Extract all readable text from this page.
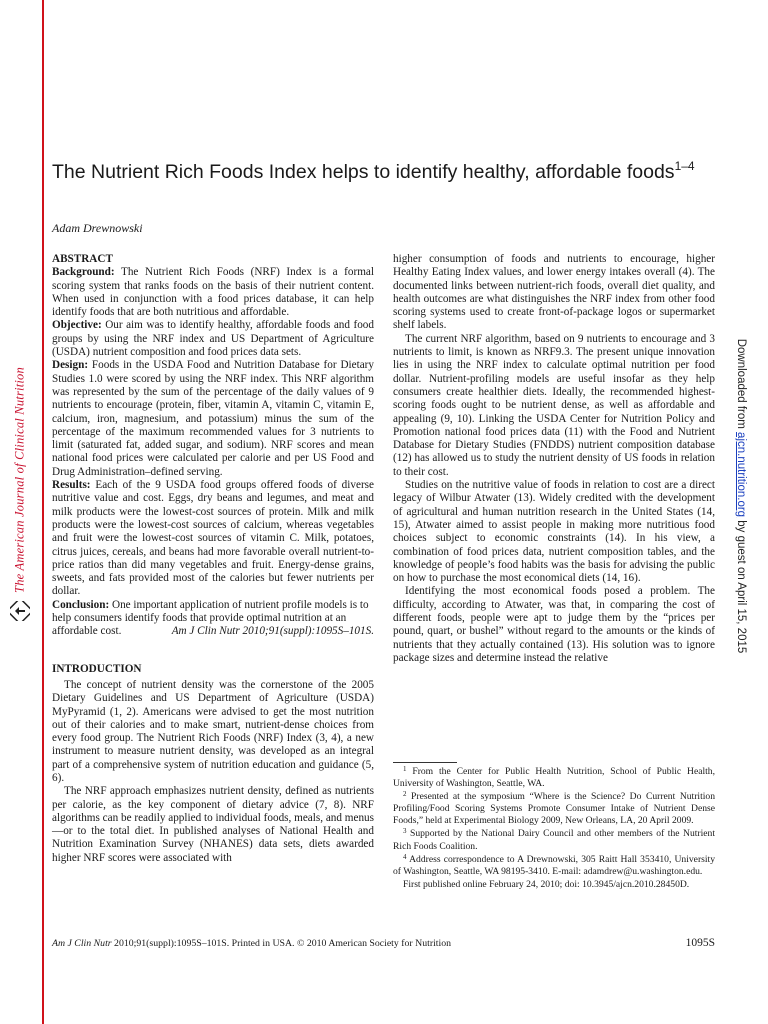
The American Journal of Clinical Nutrition	Downloaded from ajcn.nutrition.org by guest on April 15, 2015
The Nutrient Rich Foods Index helps to identify healthy, affordable foods$^{1-4}$
Adam Drewnowski

ABSTRACT

Background: The Nutrient Rich Foods (NRF) Index is a formal scoring system that ranks foods on the basis of their nutrient content. When used in conjunction with a food prices database, it can help identify foods that are both nutritious and affordable.

Objective: Our aim was to identify healthy, affordable foods and food groups by using the NRF index and US Department of Agriculture (USDA) nutrient composition and food prices data sets.

Design: Foods in the USDA Food and Nutrition Database for Dietary Studies 1.0 were scored by using the NRF index. This NRF algorithm was represented by the sum of the percentage of the daily values of 9 nutrients to encourage (protein, fiber, vitamin A, vitamin C, vitamin E, calcium, iron, magnesium, and potassium) minus the sum of the percentage of the maximum recommended values for 3 nutrients to limit (saturated fat, added sugar, and sodium). NRF scores and mean national food prices were calculated per calorie and per US Food and Drug Administration–defined serving.

Results: Each of the 9 USDA food groups offered foods of diverse nutritive value and cost. Eggs, dry beans and legumes, and meat and milk products were the lowest-cost sources of protein. Milk and milk products were the lowest-cost sources of calcium, whereas vegetables and fruit were the lowest-cost sources of vitamin C. Milk, potatoes, citrus juices, cereals, and beans had more favorable overall nutrient-to-price ratios than did many vegetables and fruit. Energy-dense grains, sweets, and fats provided most of the calories but fewer nutrients per dollar.

Conclusion: One important application of nutrient profile models is to help consumers identify foods that provide optimal nutrition at an affordable cost.	Am J Clin Nutr 2010;91(suppl):1095S–101S.

INTRODUCTION

The concept of nutrient density was the cornerstone of the 2005 Dietary Guidelines and US Department of Agriculture (USDA) MyPyramid (1, 2). Americans were advised to get the most nutrition out of their calories and to make smart, nutrient-dense choices from every food group. The Nutrient Rich Foods (NRF) Index (3, 4), a new instrument to measure nutrient density, was developed as an integral part of a comprehensive system of nutrition education and guidance (5, 6).

The NRF approach emphasizes nutrient density, defined as nutrients per calorie, as the key component of dietary advice (7, 8). NRF algorithms can be readily applied to individual foods, meals, and menus—or to the total diet. In published analyses of National Health and Nutrition Examination Survey (NHANES) data sets, diets awarded higher NRF scores were associated with

higher consumption of foods and nutrients to encourage, higher Healthy Eating Index values, and lower energy intakes overall (4). The documented links between nutrient-rich foods, overall diet quality, and health outcomes are what distinguishes the NRF index from other food scoring systems used to create front-of-package logos or supermarket shelf labels.

The current NRF algorithm, based on 9 nutrients to encourage and 3 nutrients to limit, is known as NRF9.3. The present unique innovation lies in using the NRF index to calculate optimal nutrition per food dollar. Nutrient-profiling models are useful insofar as they help consumers create healthier diets. Ideally, the recommended highest-scoring foods ought to be nutrient dense, as well as affordable and appealing (9, 10). Linking the USDA Center for Nutrition Policy and Promotion national food prices data (11) with the Food and Nutrient Database for Dietary Studies (FNDDS) nutrient composition database (12) has allowed us to study the nutrient density of US foods in relation to their cost.

Studies on the nutritive value of foods in relation to cost are a direct legacy of Wilbur Atwater (13). Widely credited with the development of agricultural and human nutrition research in the United States (14, 15), Atwater aimed to assist people in making more nutritious food choices subject to economic constraints (14). In his view, a combination of food prices data, nutrient composition tables, and the knowledge of people’s food habits was the basis for advising the public on how to purchase the most economical diets (14, 16).

Identifying the most economical foods posed a problem. The difficulty, according to Atwater, was that, in comparing the cost of different foods, people were apt to judge them by the “prices per pound, quart, or bushel” without regard to the amounts or the kinds of nutrients that they actually contained (13). His solution was to ignore package sizes and determine instead the relative

$^1$ From the Center for Public Health Nutrition, School of Public Health, University of Washington, Seattle, WA.

$^2$ Presented at the symposium “Where is the Science? Do Current Nutrition Profiling/Food Scoring Systems Promote Consumer Intake of Nutrient Dense Foods,” held at Experimental Biology 2009, New Orleans, LA, 20 April 2009.

$^3$ Supported by the National Dairy Council and other members of the Nutrient Rich Foods Coalition.

$^4$ Address correspondence to A Drewnowski, 305 Raitt Hall 353410, University of Washington, Seattle, WA 98195-3410. E-mail: adamdrew@u.washington.edu.

First published online February 24, 2010; doi: 10.3945/ajcn.2010.28450D.

Am J Clin Nutr 2010;91(suppl):1095S–101S. Printed in USA. © 2010 American Society for Nutrition	1095S
